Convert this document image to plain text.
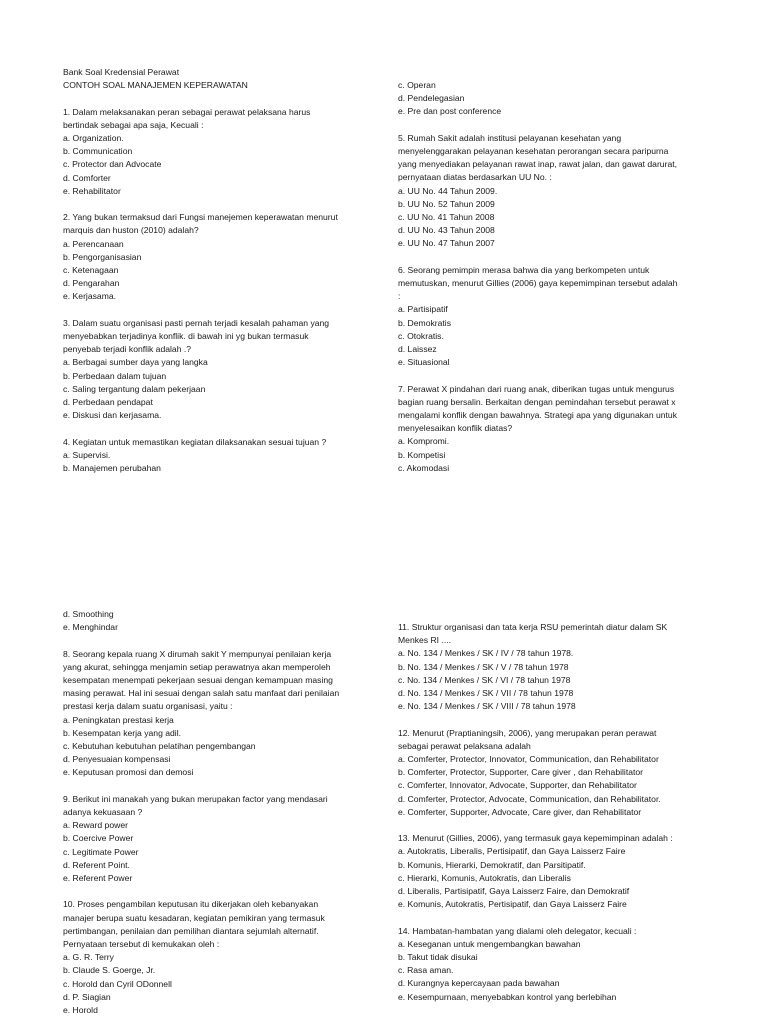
Bank Soal Kredensial Perawat
CONTOH SOAL MANAJEMEN KEPERAWATAN
1. Dalam melaksanakan peran sebagai perawat pelaksana harus
bertindak sebagai apa saja, Kecuali :
a. Organization.
b. Communication
c. Protector dan Advocate
d. Comforter
e. Rehabilitator
2. Yang bukan termaksud dari Fungsi manejemen keperawatan menurut
marquis dan huston (2010) adalah?
a. Perencanaan
b. Pengorganisasian
c. Ketenagaan
d. Pengarahan
e. Kerjasama.
3. Dalam suatu organisasi pasti pernah terjadi kesalah pahaman yang
menyebabkan terjadinya konflik. di bawah ini yg bukan termasuk
penyebab terjadi konflik adalah .?
a. Berbagai sumber daya yang langka
b. Perbedaan dalam tujuan
c. Saling tergantung dalam pekerjaan
d. Perbedaan pendapat
e. Diskusi dan kerjasama.
4. Kegiatan untuk memastikan kegiatan dilaksanakan sesuai tujuan ?
a. Supervisi.
b. Manajemen perubahan
c. Operan
d. Pendelegasian
e. Pre dan post conference
5. Rumah Sakit adalah institusi pelayanan kesehatan yang
menyelenggarakan pelayanan kesehatan perorangan secara paripurna
yang menyediakan pelayanan rawat inap, rawat jalan, dan gawat darurat,
pernyataan diatas berdasarkan UU No. :
a. UU No. 44 Tahun 2009.
b. UU No. 52 Tahun 2009
c. UU No. 41 Tahun 2008
d. UU No. 43 Tahun 2008
e. UU No. 47 Tahun 2007
6. Seorang pemimpin merasa bahwa dia yang berkompeten untuk
memutuskan, menurut Gillies (2006) gaya kepemimpinan tersebut adalah
:
a. Partisipatif
b. Demokratis
c. Otokratis.
d. Laissez
e. Situasional
7. Perawat X pindahan dari ruang anak, diberikan tugas untuk mengurus
bagian ruang bersalin. Berkaitan dengan pemindahan tersebut perawat x
mengalami konflik dengan bawahnya. Strategi apa yang digunakan untuk
menyelesaikan konflik diatas?
a. Kompromi.
b. Kompetisi
c. Akomodasi
d. Smoothing
e. Menghindar
8. Seorang kepala ruang X dirumah sakit Y mempunyai penilaian kerja
yang akurat, sehingga menjamin setiap perawatnya akan memperoleh
kesempatan menempati pekerjaan sesuai dengan kemampuan masing
masing perawat. Hal ini sesuai dengan salah satu manfaat dari penilaian
prestasi kerja dalam suatu organisasi, yaitu :
a. Peningkatan prestasi kerja
b. Kesempatan kerja yang adil.
c. Kebutuhan kebutuhan pelatihan pengembangan
d. Penyesuaian kompensasi
e. Keputusan promosi dan demosi
9. Berikut ini manakah yang bukan merupakan factor yang mendasari
adanya kekuasaan ?
a. Reward power
b. Coercive Power
c. Legitimate Power
d. Referent Point.
e. Referent Power
10. Proses pengambilan keputusan itu dikerjakan oleh kebanyakan
manajer berupa suatu kesadaran, kegiatan pemikiran yang termasuk
pertimbangan, penilaian dan pemilihan diantara sejumlah alternatif.
Pernyataan tersebut di kemukakan oleh :
a. G. R. Terry
b. Claude S. Goerge, Jr.
c. Horold dan Cyril ODonnell
d. P. Siagian
e. Horold
11. Struktur organisasi dan tata kerja RSU pemerintah diatur dalam SK
Menkes RI ....
a. No. 134 / Menkes / SK / IV / 78 tahun 1978.
b. No. 134 / Menkes / SK / V / 78 tahun 1978
c. No. 134 / Menkes / SK / VI / 78 tahun 1978
d. No. 134 / Menkes / SK / VII / 78 tahun 1978
e. No. 134 / Menkes / SK / VIII / 78 tahun 1978
12. Menurut (Praptianingsih, 2006), yang merupakan peran perawat
sebagai perawat pelaksana adalah
a. Comferter, Protector, Innovator, Communication, dan Rehabilitator
b. Comferter, Protector, Supporter, Care giver , dan Rehabilitator
c. Comferter, Innovator, Advocate, Supporter, dan Rehabilitator
d. Comferter, Protector, Advocate, Communication, dan Rehabilitator.
e. Comferter, Supporter, Advocate, Care giver, dan Rehabilitator
13. Menurut (Gillies, 2006), yang termasuk gaya kepemimpinan adalah :
a. Autokratis, Liberalis, Pertisipatif, dan Gaya Laisserz Faire
b. Komunis, Hierarki, Demokratif, dan Parsitipatif.
c. Hierarki, Komunis, Autokratis, dan Liberalis
d. Liberalis, Partisipatif, Gaya Laisserz Faire, dan Demokratif
e. Komunis, Autokratis, Pertisipatif, dan Gaya Laisserz Faire
14. Hambatan-hambatan yang dialami oleh delegator, kecuali :
a. Keseganan untuk mengembangkan bawahan
b. Takut tidak disukai
c. Rasa aman.
d. Kurangnya kepercayaan pada bawahan
e. Kesempurnaan, menyebabkan kontrol yang berlebihan
